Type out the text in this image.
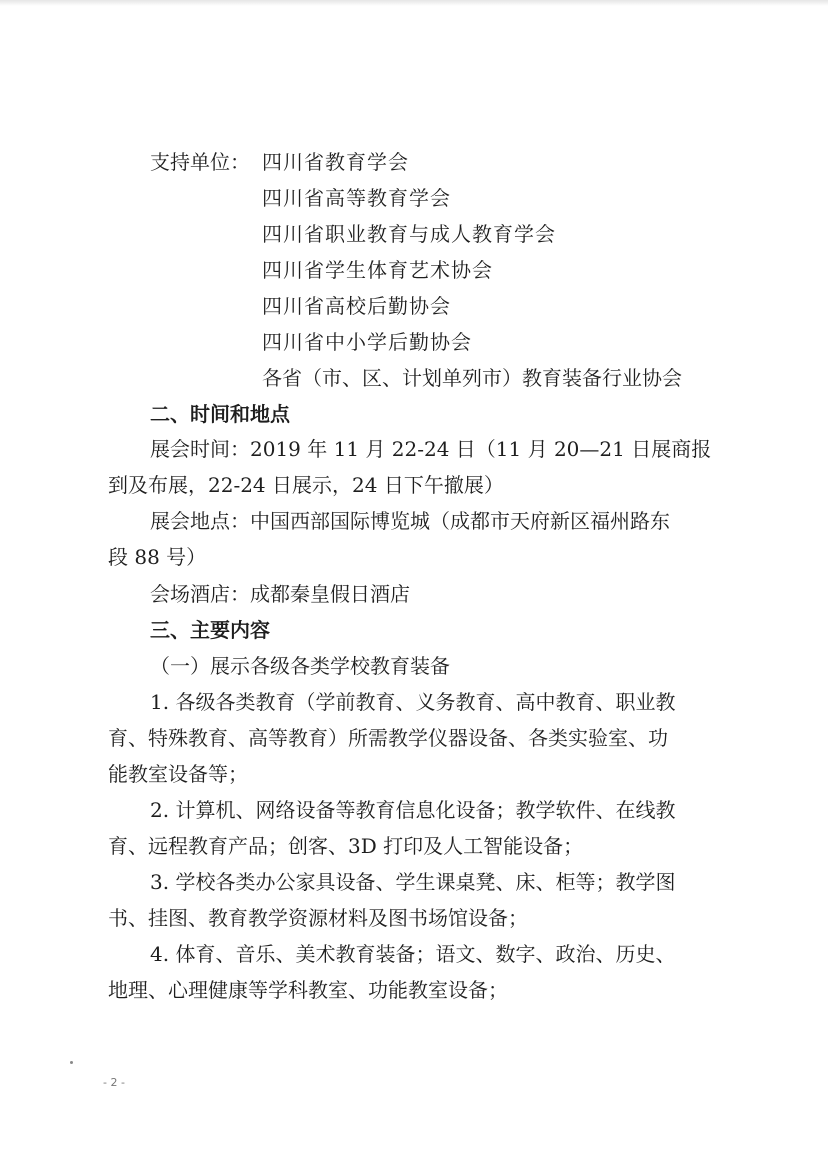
支持单位： 四川省教育学会
四川省高等教育学会
四川省职业教育与成人教育学会
四川省学生体育艺术协会
四川省高校后勤协会
四川省中小学后勤协会
各省（市、区、计划单列市）教育装备行业协会
二、时间和地点
展会时间：2019 年 11 月 22-24 日（11 月 20—21 日展商报
到及布展，22-24 日展示，24 日下午撤展）
展会地点：中国西部国际博览城（成都市天府新区福州路东
段 88 号）
会场酒店：成都秦皇假日酒店
三、主要内容
（一）展示各级各类学校教育装备
1. 各级各类教育（学前教育、义务教育、高中教育、职业教
育、特殊教育、高等教育）所需教学仪器设备、各类实验室、功
能教室设备等；
2. 计算机、网络设备等教育信息化设备；教学软件、在线教
育、远程教育产品；创客、3D 打印及人工智能设备；
3. 学校各类办公家具设备、学生课桌凳、床、柜等；教学图
书、挂图、教育教学资源材料及图书场馆设备；
4. 体育、音乐、美术教育装备；语文、数字、政治、历史、
地理、心理健康等学科教室、功能教室设备；
- 2 -
